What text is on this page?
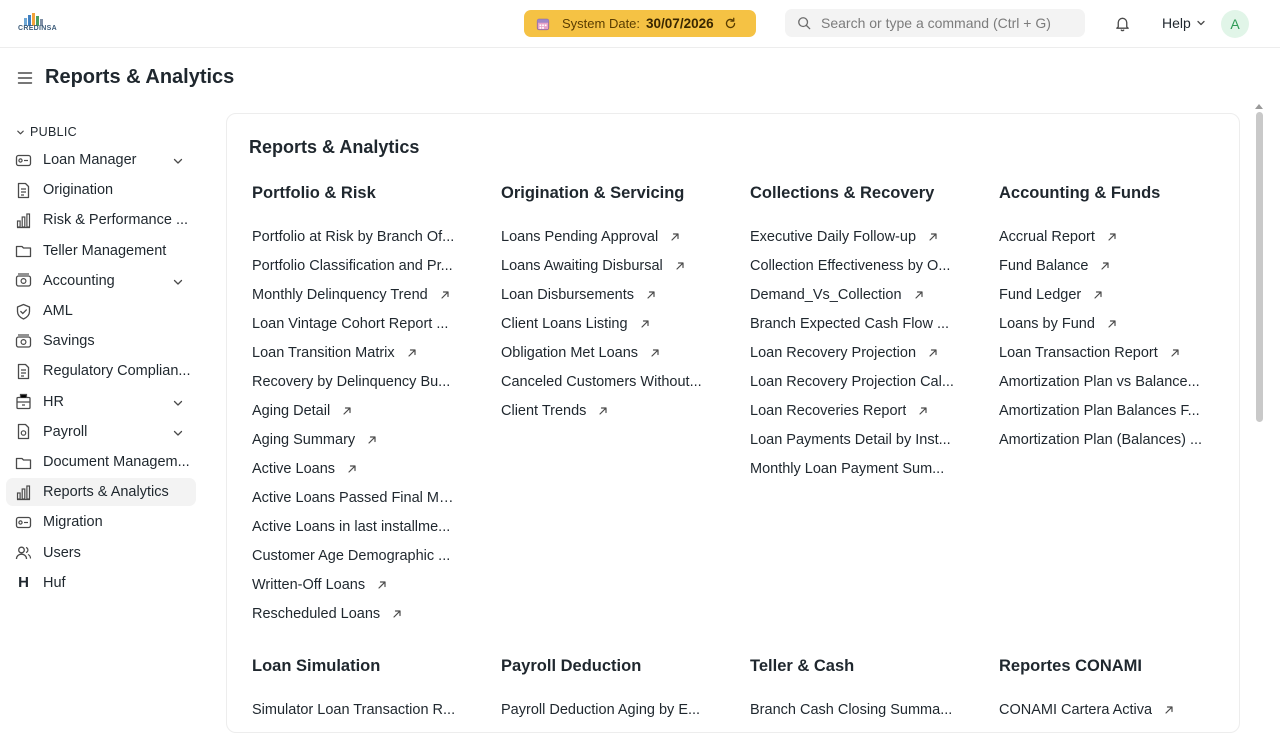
CREDINSA	System Date: 30/07/2026
Search or type a command (Ctrl + G)	Help	A
Reports & Analytics
PUBLIC
Loan Manager
Origination
Risk & Performance ...
Teller Management
Accounting
AML
Savings
Regulatory Complian...
HR
Payroll
Document Managem...
Reports & Analytics
Migration
Users
H Huf
Reports & Analytics
Portfolio & Risk
Portfolio at Risk by Branch Of...
Portfolio Classification and Pr...
Monthly Delinquency Trend
Loan Vintage Cohort Report ...
Loan Transition Matrix
Recovery by Delinquency Bu...
Aging Detail
Aging Summary
Active Loans
Active Loans Passed Final Ma...
Active Loans in last installme...
Customer Age Demographic ...
Written-Off Loans
Rescheduled Loans
Origination & Servicing
Loans Pending Approval
Loans Awaiting Disbursal
Loan Disbursements
Client Loans Listing
Obligation Met Loans
Canceled Customers Without...
Client Trends
Collections & Recovery
Executive Daily Follow-up
Collection Effectiveness by O...
Demand_Vs_Collection
Branch Expected Cash Flow ...
Loan Recovery Projection
Loan Recovery Projection Cal...
Loan Recoveries Report
Loan Payments Detail by Inst...
Monthly Loan Payment Sum...
Accounting & Funds
Accrual Report
Fund Balance
Fund Ledger
Loans by Fund
Loan Transaction Report
Amortization Plan vs Balance...
Amortization Plan Balances F...
Amortization Plan (Balances) ...
Loan Simulation
Simulator Loan Transaction R...
Payroll Deduction
Payroll Deduction Aging by E...
Teller & Cash
Branch Cash Closing Summa...
Reportes CONAMI
CONAMI Cartera Activa
